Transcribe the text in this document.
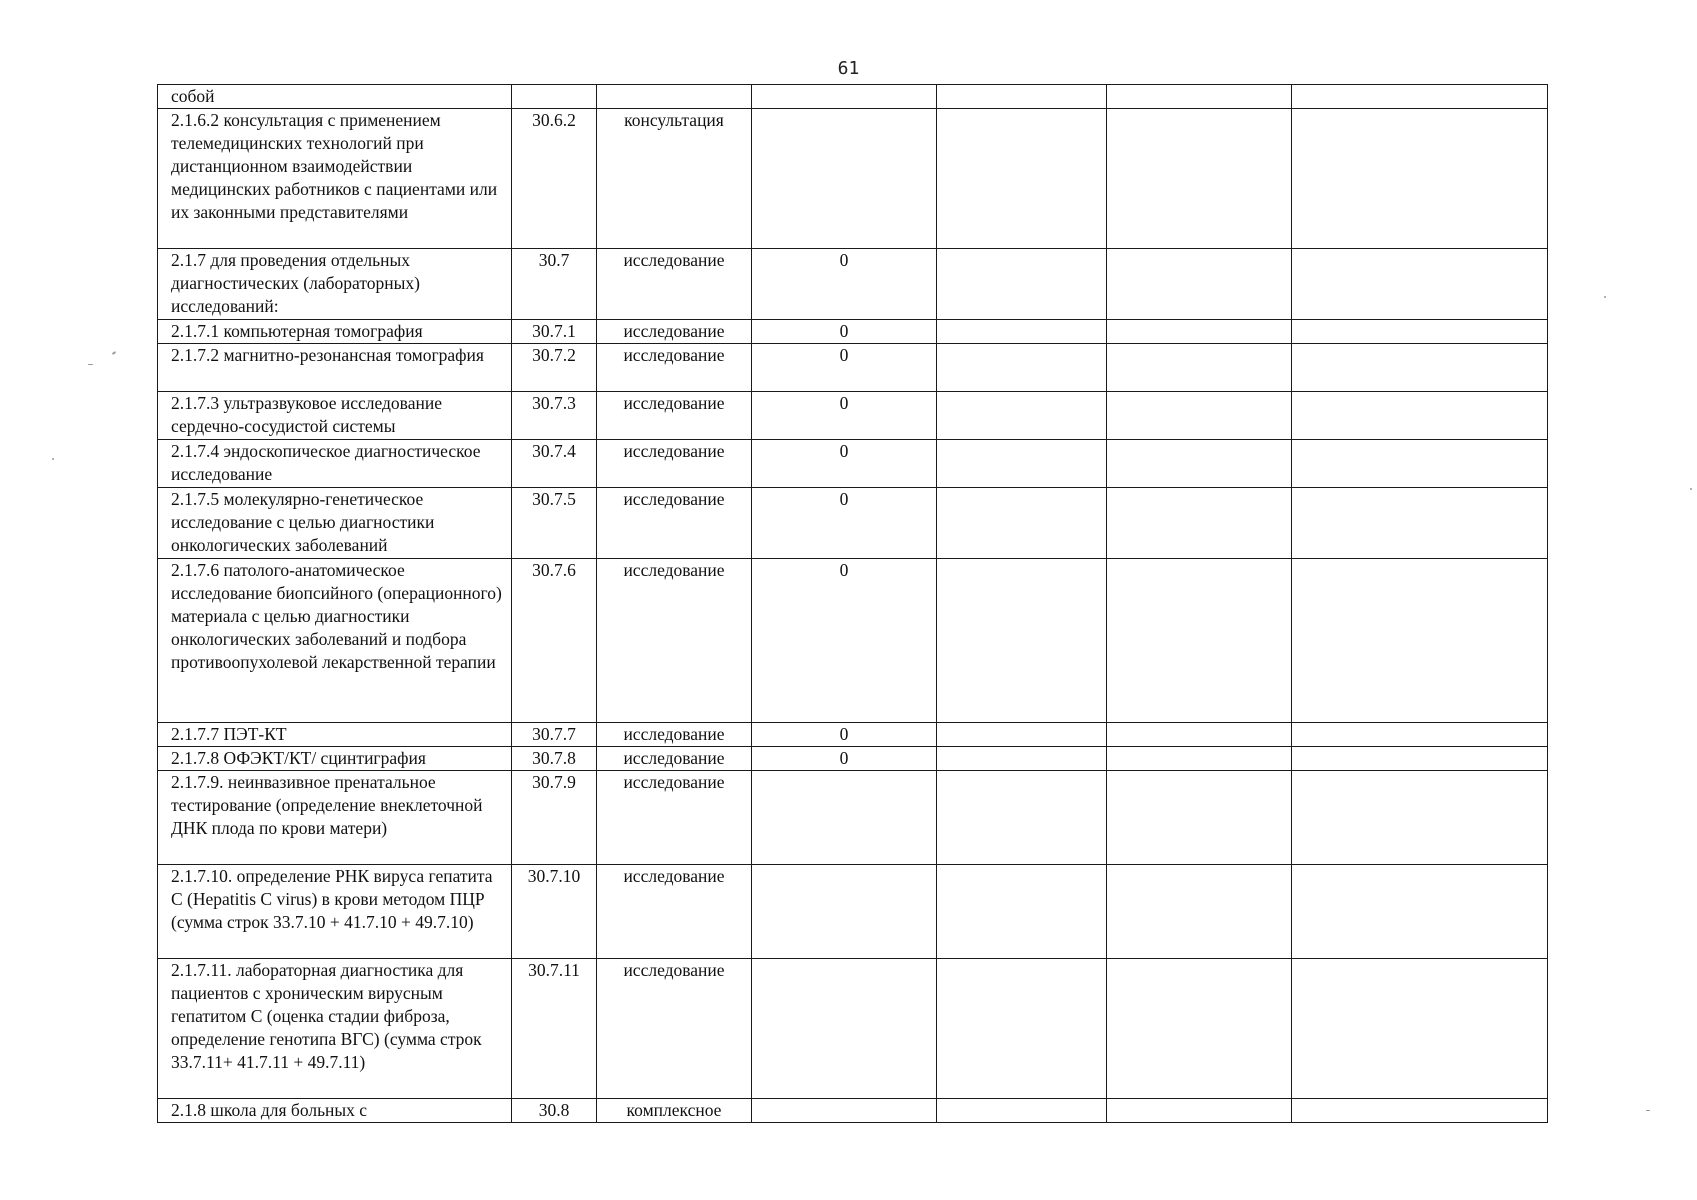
61
собой						
2.1.6.2 консультация с применением телемедицинских технологий при дистанционном взаимодействии медицинских работников с пациентами или их законными представителями	30.6.2	консультация				
2.1.7 для проведения отдельных диагностических (лабораторных) исследований:	30.7	исследование	0			
2.1.7.1 компьютерная томография	30.7.1	исследование	0			
2.1.7.2 магнитно-резонансная томография	30.7.2	исследование	0			
2.1.7.3 ультразвуковое исследование сердечно-сосудистой системы	30.7.3	исследование	0			
2.1.7.4 эндоскопическое диагностическое исследование	30.7.4	исследование	0			
2.1.7.5 молекулярно-генетическое исследование с целью диагностики онкологических заболеваний	30.7.5	исследование	0			
2.1.7.6 патолого-анатомическое исследование биопсийного (операционного) материала с целью диагностики онкологических заболеваний и подбора противоопухолевой лекарственной терапии	30.7.6	исследование	0			
2.1.7.7 ПЭТ-КТ	30.7.7	исследование	0			
2.1.7.8 ОФЭКТ/КТ/ сцинтиграфия	30.7.8	исследование	0			
2.1.7.9. неинвазивное пренатальное тестирование (определение внеклеточной ДНК плода по крови матери)	30.7.9	исследование				
2.1.7.10. определение РНК вируса гепатита С (Hepatitis C virus) в крови методом ПЦР (сумма строк 33.7.10 + 41.7.10 + 49.7.10)	30.7.10	исследование				
2.1.7.11. лабораторная диагностика для пациентов с хроническим вирусным гепатитом С (оценка стадии фиброза, определение генотипа ВГС) (сумма строк 33.7.11+ 41.7.11 + 49.7.11)	30.7.11	исследование				
2.1.8 школа для больных с	30.8	комплексное				
